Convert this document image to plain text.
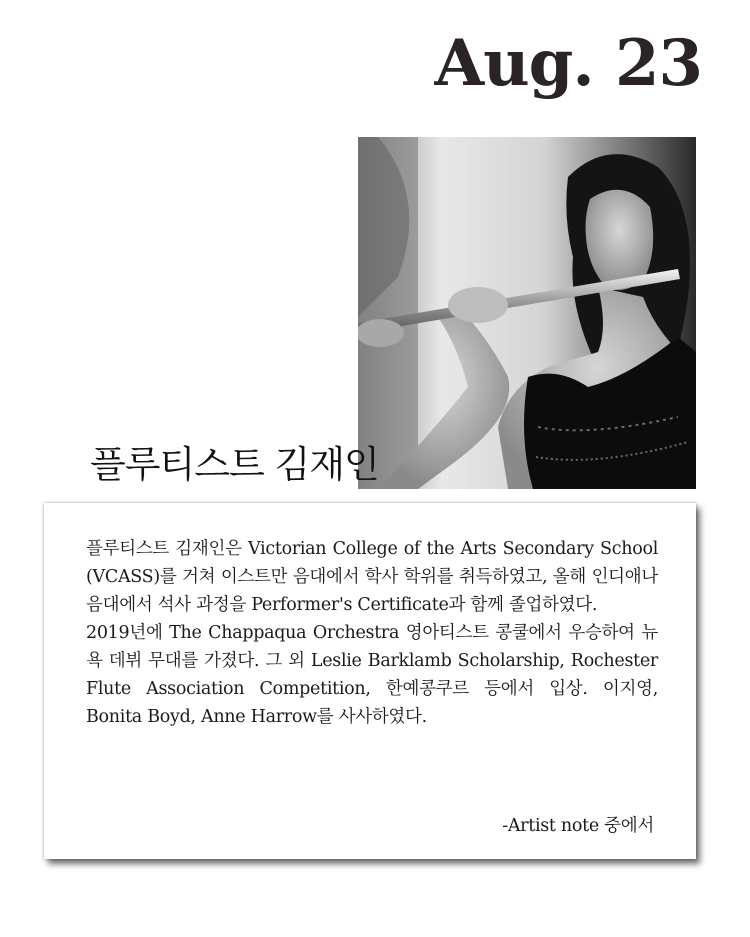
Aug. 23
플루티스트 김재인

플루티스트 김재인은 Victorian College of the Arts Secondary School (VCASS)를 거쳐 이스트만 음대에서 학사 학위를 취득하였고, 올해 인디애나 음대에서 석사 과정을 Performer's Certificate과 함께 졸업하였다.

2019년에 The Chappaqua Orchestra 영아티스트 콩쿨에서 우승하여 뉴욕 데뷔 무대를 가졌다. 그 외 Leslie Barklamb Scholarship, Rochester Flute Association Competition, 한예콩쿠르 등에서 입상. 이지영, Bonita Boyd, Anne Harrow를 사사하였다.

-Artist note 중에서
